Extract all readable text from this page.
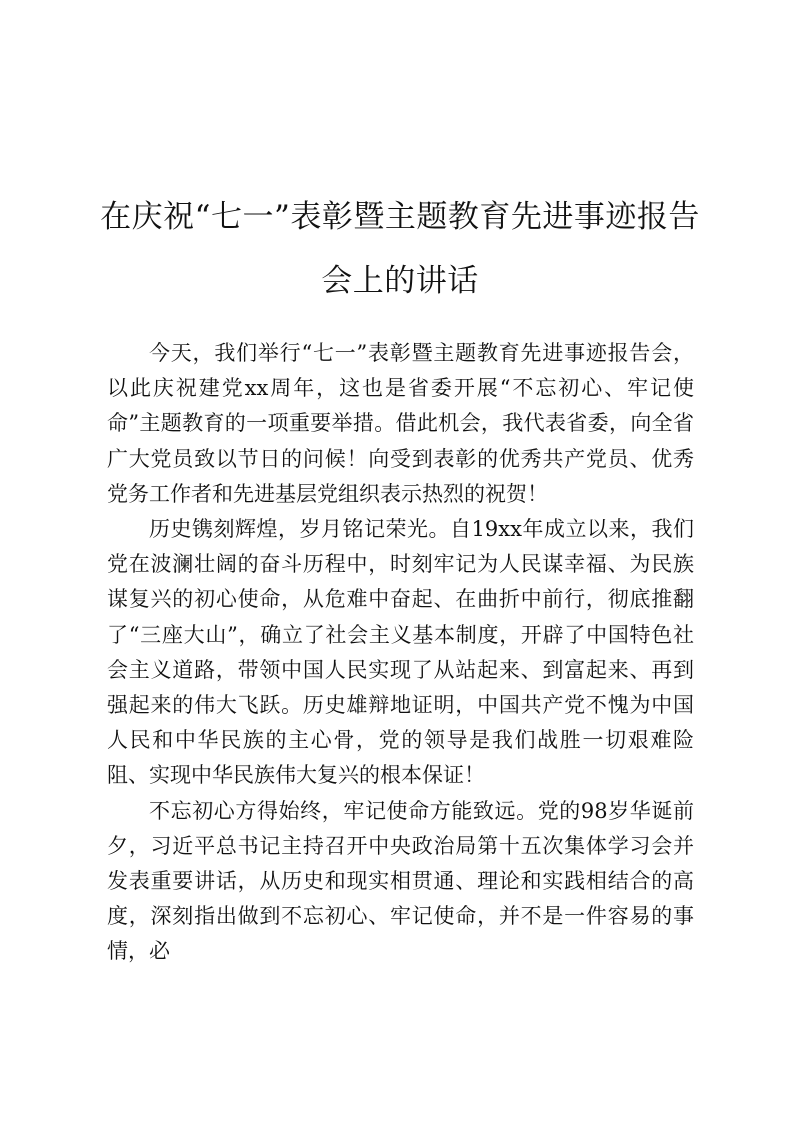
在庆祝“七一”表彰暨主题教育先进事迹报告会上的讲话

今天，我们举行“七一”表彰暨主题教育先进事迹报告会，以此庆祝建党xx周年，这也是省委开展“不忘初心、牢记使命”主题教育的一项重要举措。借此机会，我代表省委，向全省广大党员致以节日的问候！向受到表彰的优秀共产党员、优秀党务工作者和先进基层党组织表示热烈的祝贺！

历史镌刻辉煌，岁月铭记荣光。自19xx年成立以来，我们党在波澜壮阔的奋斗历程中，时刻牢记为人民谋幸福、为民族谋复兴的初心使命，从危难中奋起、在曲折中前行，彻底推翻了“三座大山”，确立了社会主义基本制度，开辟了中国特色社会主义道路，带领中国人民实现了从站起来、到富起来、再到强起来的伟大飞跃。历史雄辩地证明，中国共产党不愧为中国人民和中华民族的主心骨，党的领导是我们战胜一切艰难险阻、实现中华民族伟大复兴的根本保证！

不忘初心方得始终，牢记使命方能致远。党的98岁华诞前夕，习近平总书记主持召开中央政治局第十五次集体学习会并发表重要讲话，从历史和现实相贯通、理论和实践相结合的高度，深刻指出做到不忘初心、牢记使命，并不是一件容易的事情，必
